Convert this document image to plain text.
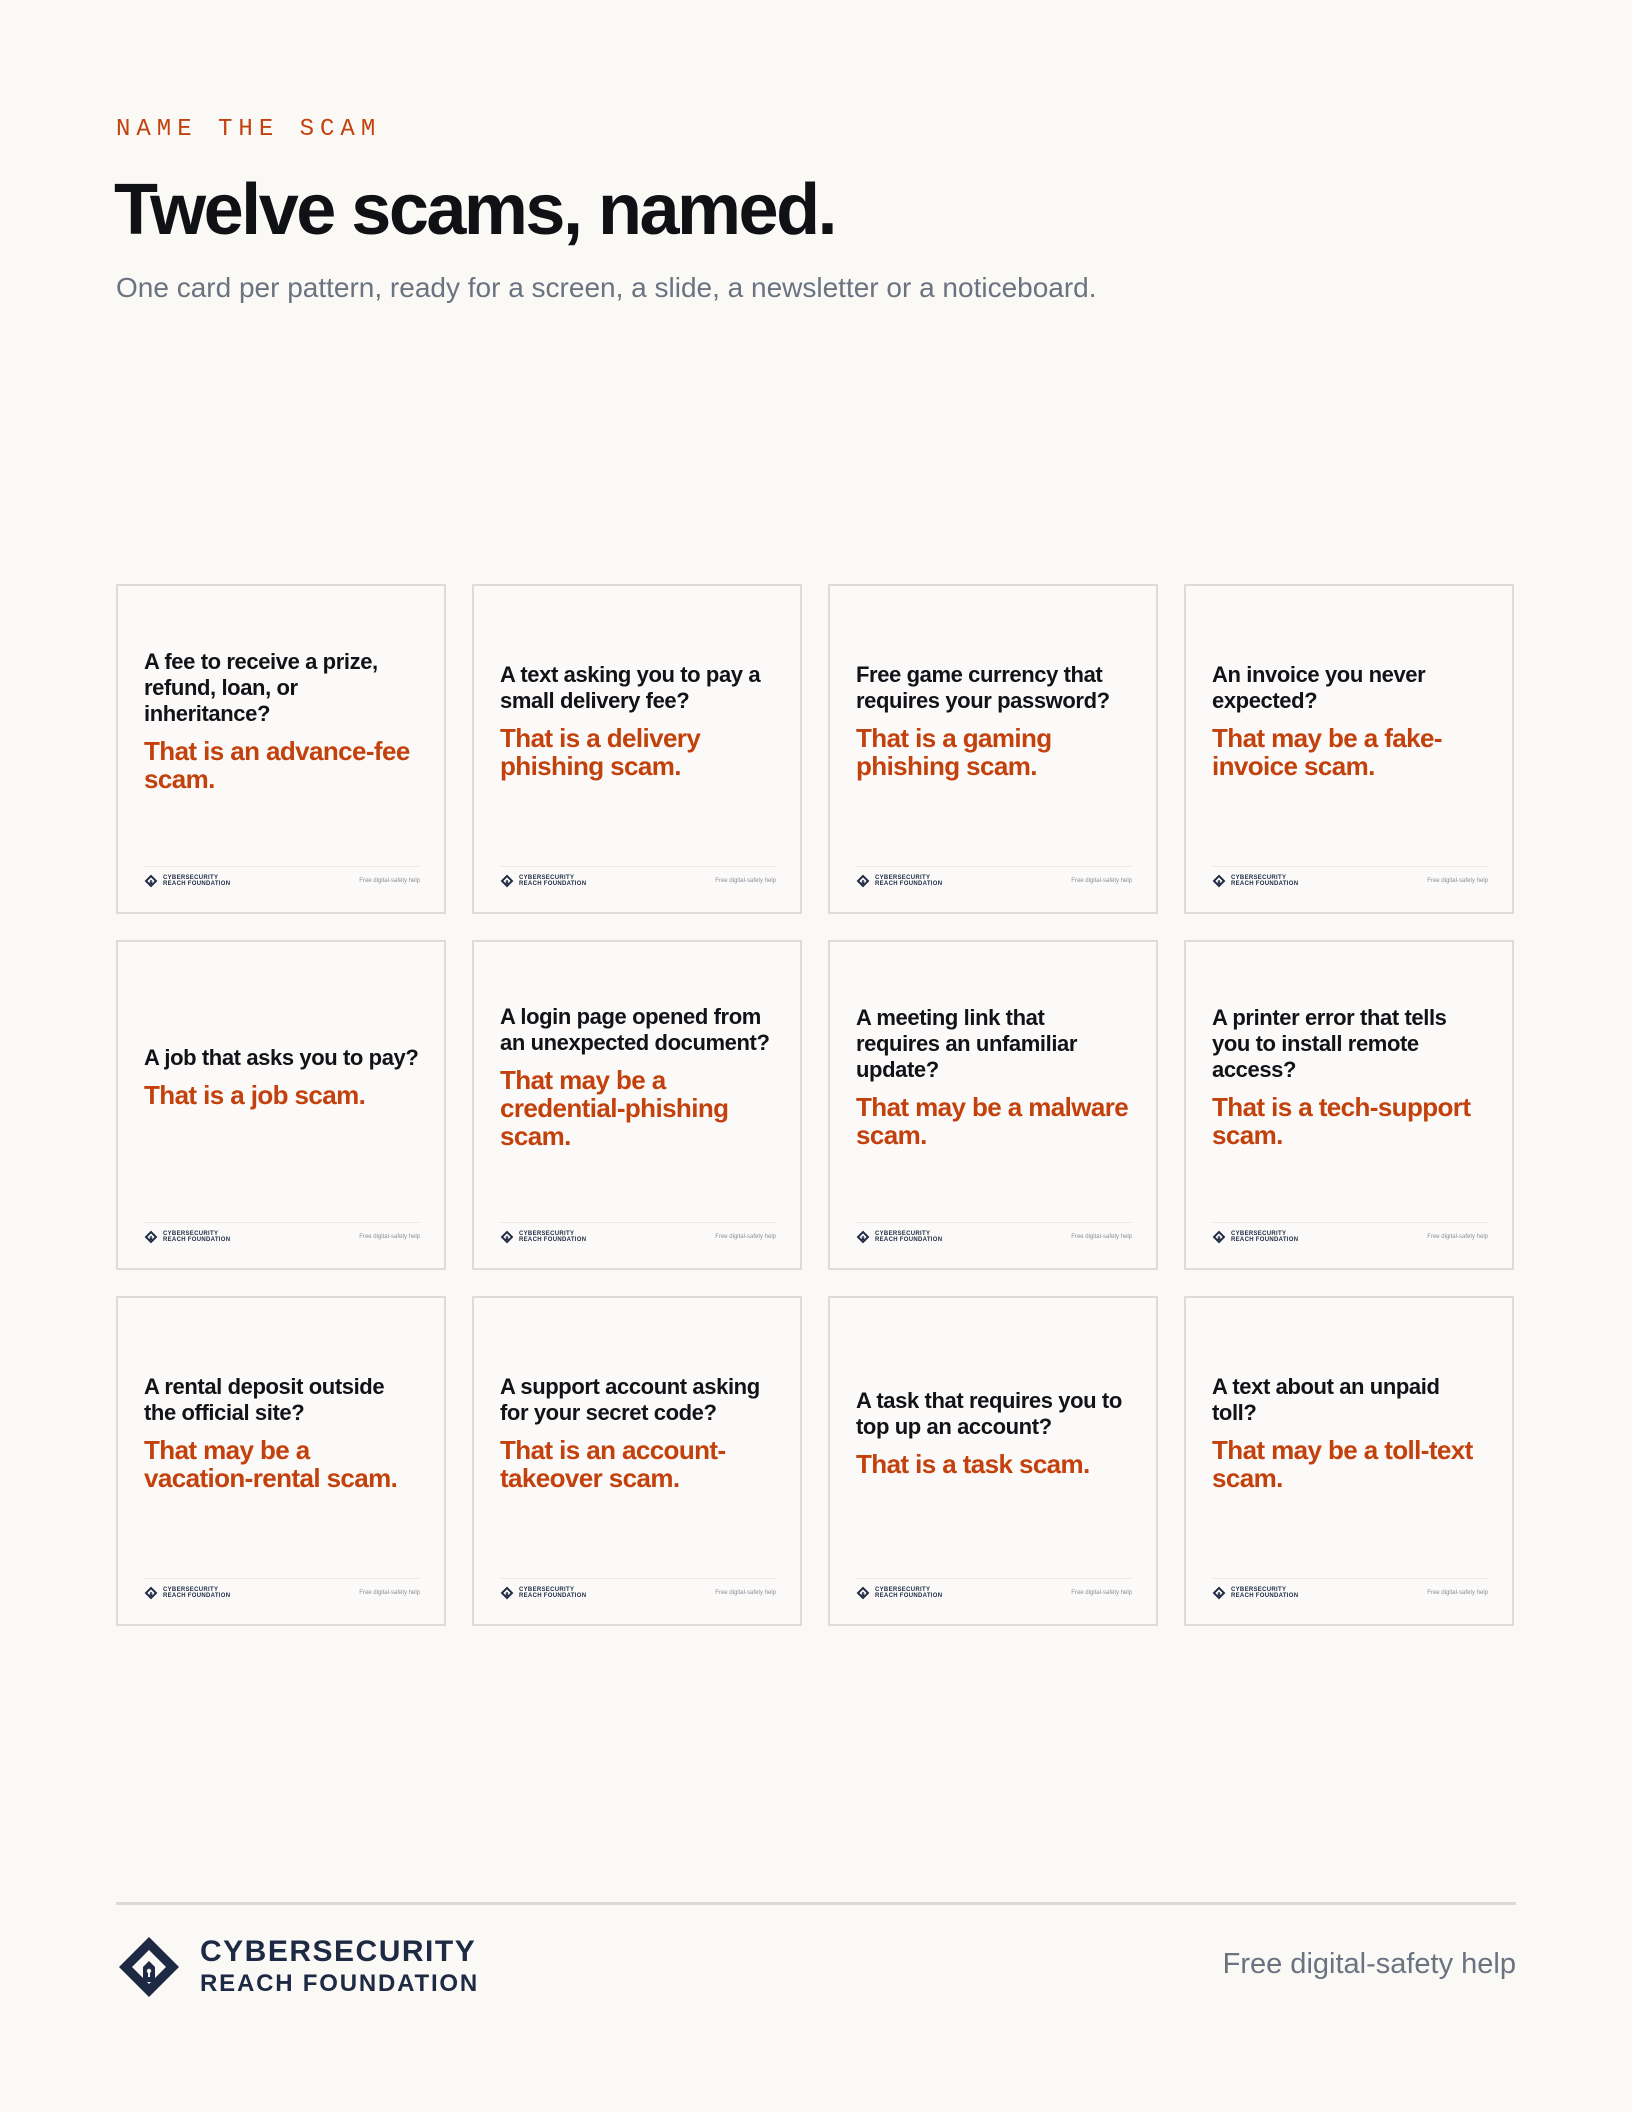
NAME THE SCAM
Twelve scams, named.
One card per pattern, ready for a screen, a slide, a newsletter or a noticeboard.
A fee to receive a prize, refund, loan, or inheritance?
That is an advance-fee scam.
CYBERSECURITY
REACH FOUNDATION	Free digital-safety help
A text asking you to pay a small delivery fee?
That is a delivery phishing scam.
CYBERSECURITY
REACH FOUNDATION	Free digital-safety help
Free game currency that requires your password?
That is a gaming phishing scam.
CYBERSECURITY
REACH FOUNDATION	Free digital-safety help
An invoice you never expected?
That may be a fake-invoice scam.
CYBERSECURITY
REACH FOUNDATION	Free digital-safety help
A job that asks you to pay?
That is a job scam.
CYBERSECURITY
REACH FOUNDATION	Free digital-safety help
A login page opened from an unexpected document?
That may be a credential-phishing scam.
CYBERSECURITY
REACH FOUNDATION	Free digital-safety help
A meeting link that requires an unfamiliar update?
That may be a malware scam.
CYBERSECURITY
REACH FOUNDATION	Free digital-safety help
A printer error that tells you to install remote access?
That is a tech-support scam.
CYBERSECURITY
REACH FOUNDATION	Free digital-safety help
A rental deposit outside the official site?
That may be a vacation-rental scam.
CYBERSECURITY
REACH FOUNDATION	Free digital-safety help
A support account asking for your secret code?
That is an account-takeover scam.
CYBERSECURITY
REACH FOUNDATION	Free digital-safety help
A task that requires you to top up an account?
That is a task scam.
CYBERSECURITY
REACH FOUNDATION	Free digital-safety help
A text about an unpaid toll?
That may be a toll-text scam.
CYBERSECURITY
REACH FOUNDATION	Free digital-safety help
CYBERSECURITY
REACH FOUNDATION
Free digital-safety help
